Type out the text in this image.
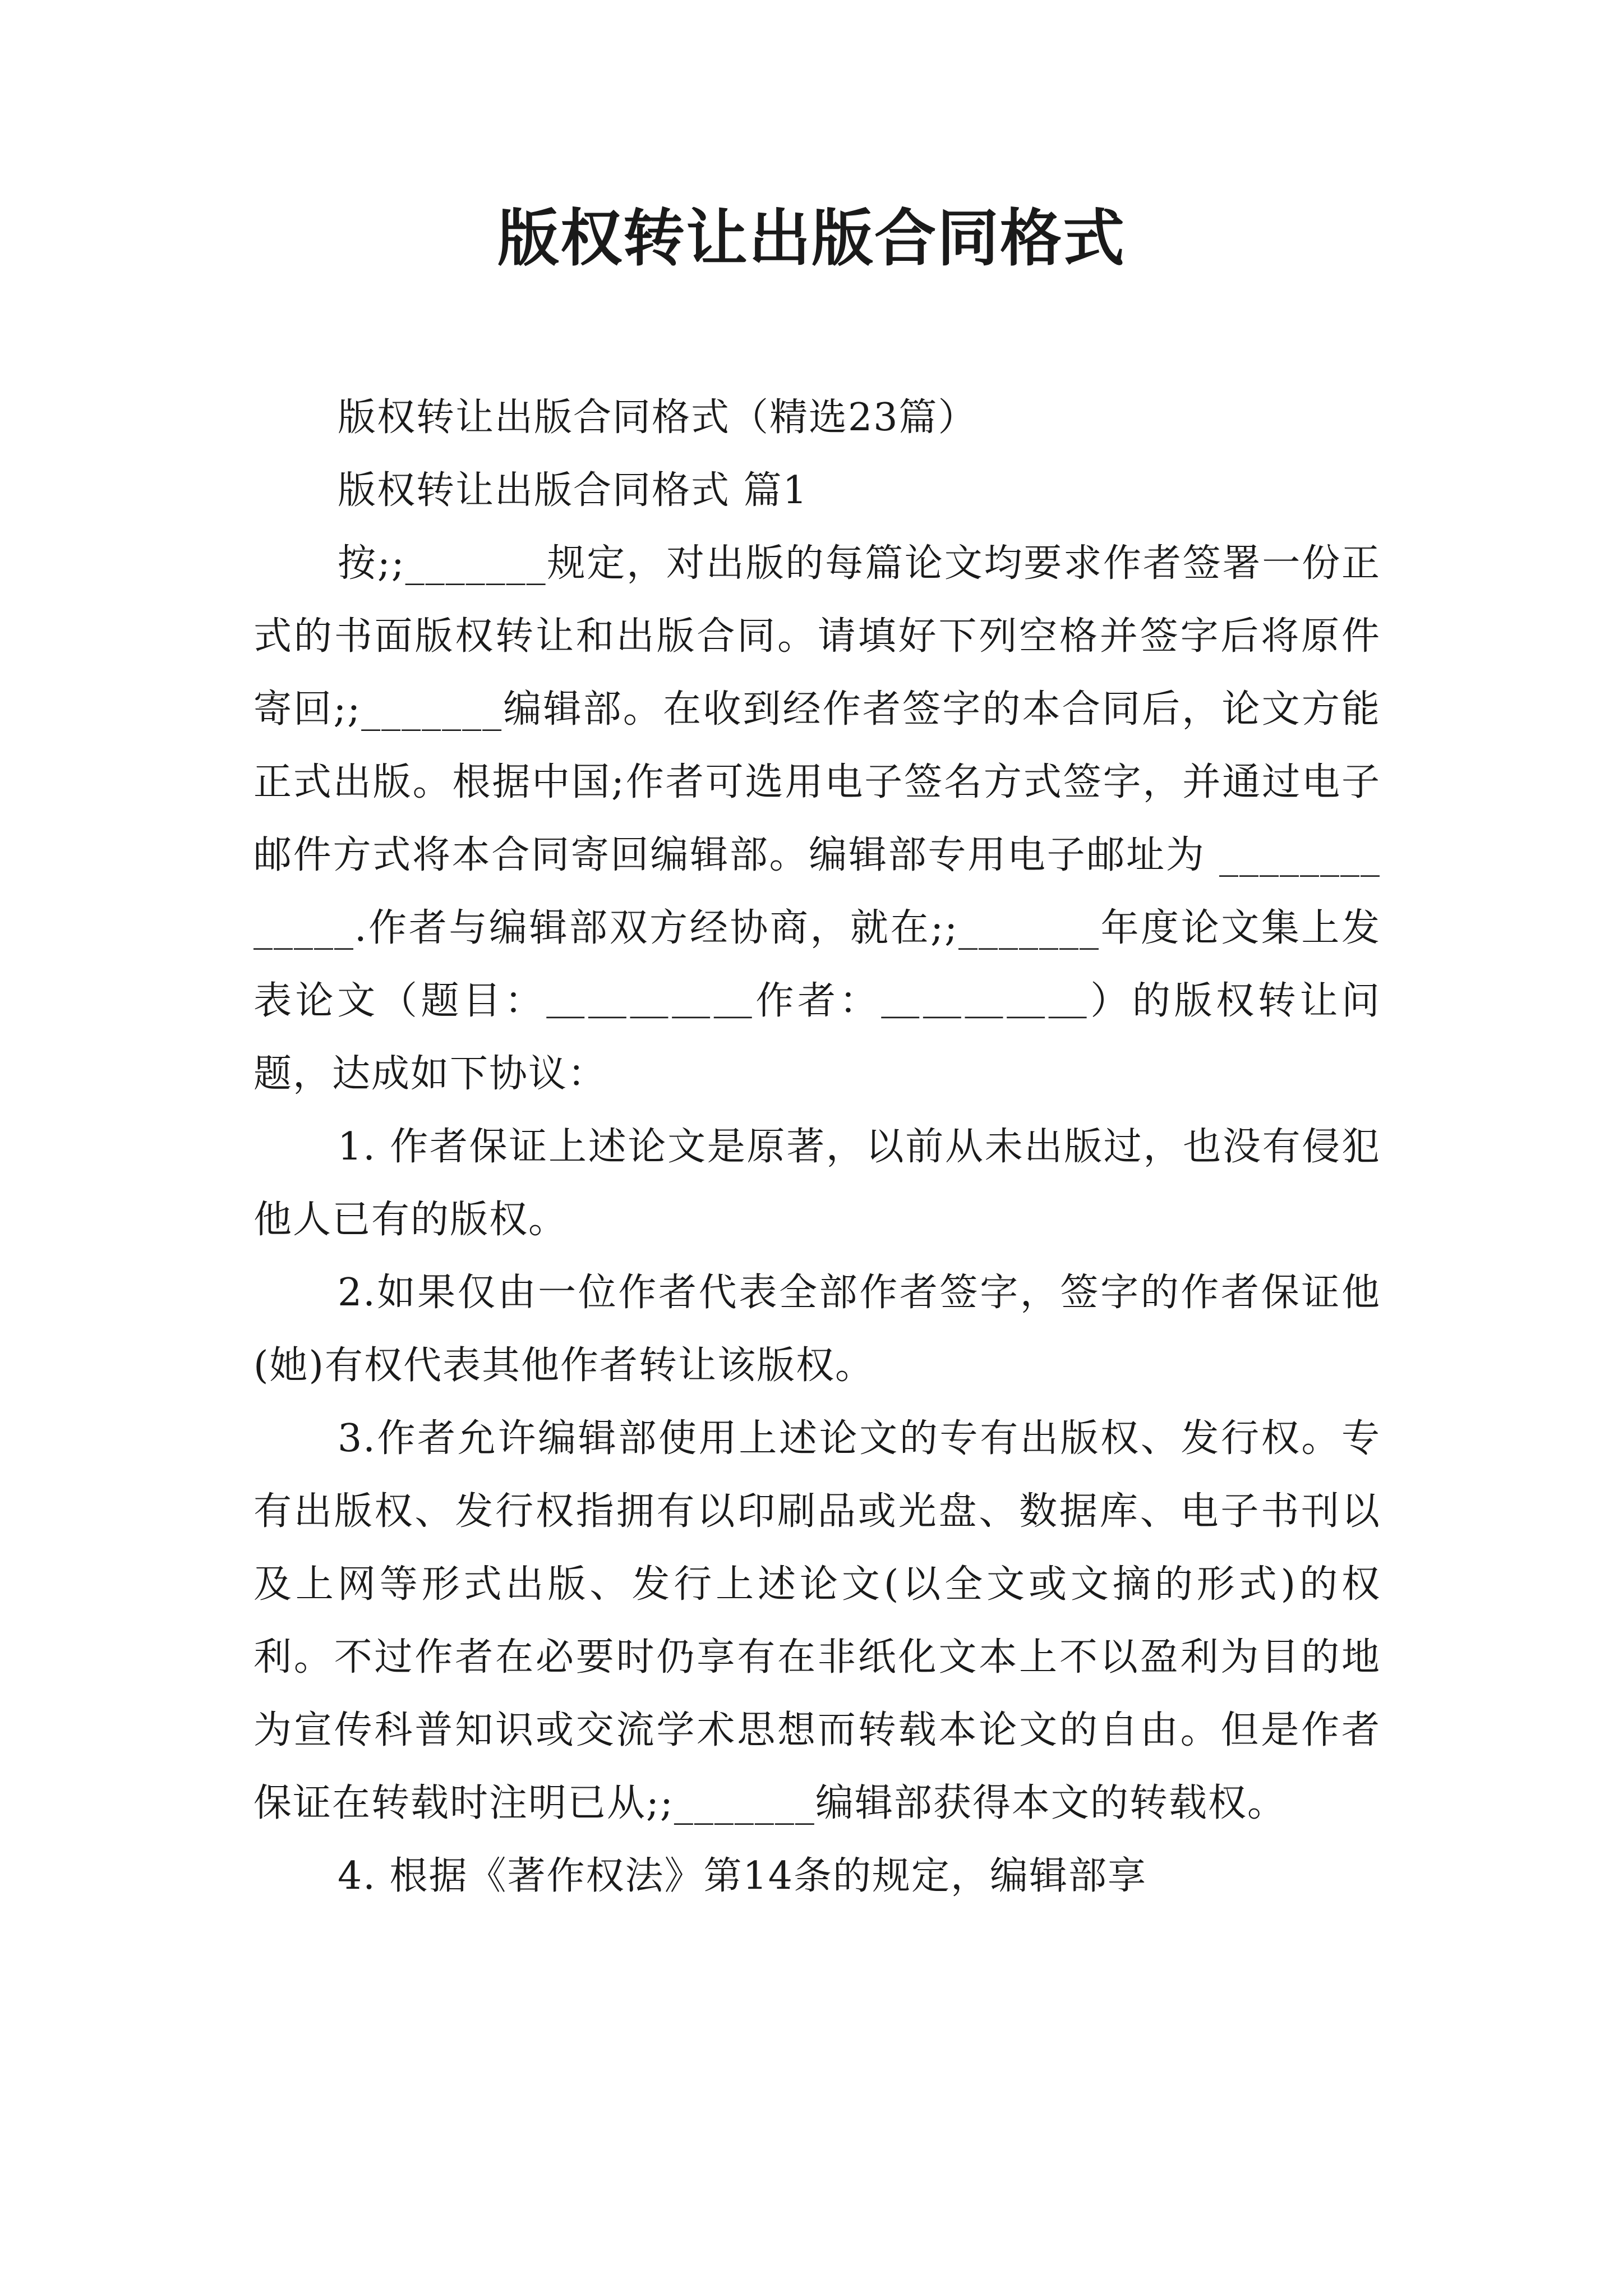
版权转让出版合同格式

版权转让出版合同格式（精选23篇）

版权转让出版合同格式 篇1

按;;_______规定，对出版的每篇论文均要求作者签署一份正式的书面版权转让和出版合同。请填好下列空格并签字后将原件寄回;;_______编辑部。在收到经作者签字的本合同后，论文方能正式出版。根据中国;作者可选用电子签名方式签字，并通过电子邮件方式将本合同寄回编辑部。编辑部专用电子邮址为 _____________.作者与编辑部双方经协商，就在;;_______年度论文集上发表论文（题目：＿＿＿＿＿作者：＿＿＿＿＿）的版权转让问题，达成如下协议：

1. 作者保证上述论文是原著，以前从未出版过，也没有侵犯他人已有的版权。

2.如果仅由一位作者代表全部作者签字，签字的作者保证他(她)有权代表其他作者转让该版权。

3.作者允许编辑部使用上述论文的专有出版权、发行权。专有出版权、发行权指拥有以印刷品或光盘、数据库、电子书刊以及上网等形式出版、发行上述论文(以全文或文摘的形式)的权利。不过作者在必要时仍享有在非纸化文本上不以盈利为目的地为宣传科普知识或交流学术思想而转载本论文的自由。但是作者保证在转载时注明已从;;_______编辑部获得本文的转载权。

4. 根据《著作权法》第14条的规定，编辑部享
